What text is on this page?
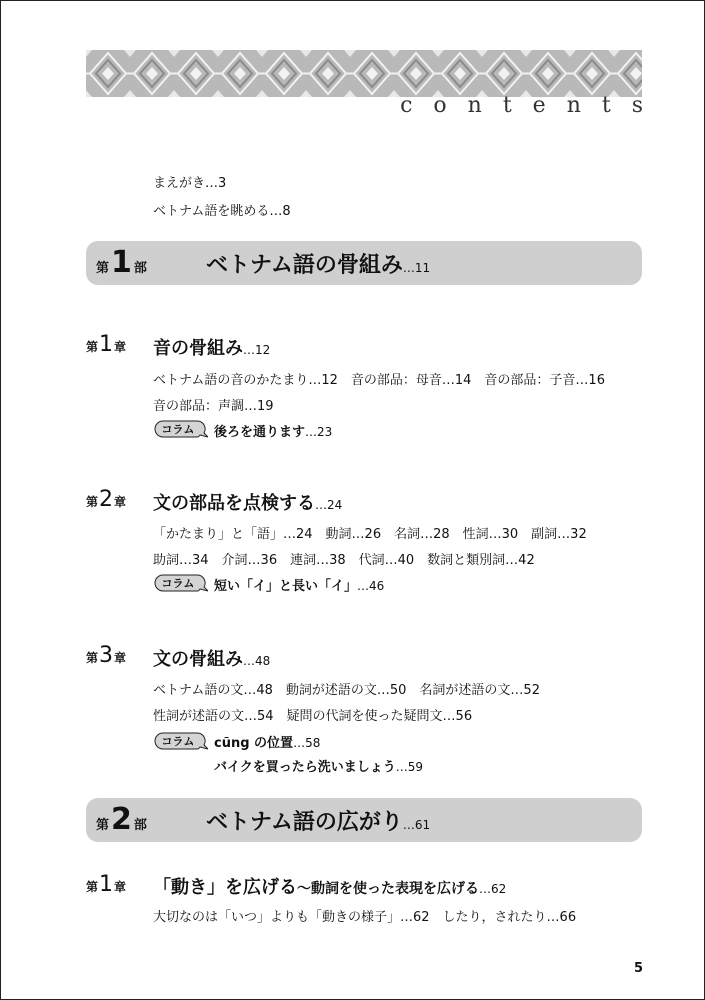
contents
まえがき…3
ベトナム語を眺める…8
第1 部	ベトナム語の骨組み…11
第1章 音の骨組み…12
ベトナム語の音のかたまり…12　音の部品：母音…14　音の部品：子音…16
音の部品：声調…19
コラム	後ろを通ります…23
第2章 文の部品を点検する…24
「かたまり」と「語」…24　動詞…26　名詞…28　性詞…30　副詞…32
助詞…34　介詞…36　連詞…38　代詞…40　数詞と類別詞…42
コラム	短い「イ」と長い「イ」…46
第3章 文の骨組み…48
ベトナム語の文…48　動詞が述語の文…50　名詞が述語の文…52
性詞が述語の文…54　疑問の代詞を使った疑問文…56
コラム	cũng の位置…58
バイクを買ったら洗いましょう…59
第2 部	ベトナム語の広がり…61
第1章 「動き」を広げる～動詞を使った表現を広げる…62
大切なのは「いつ」よりも「動きの様子」…62　したり，されたり…66
5
